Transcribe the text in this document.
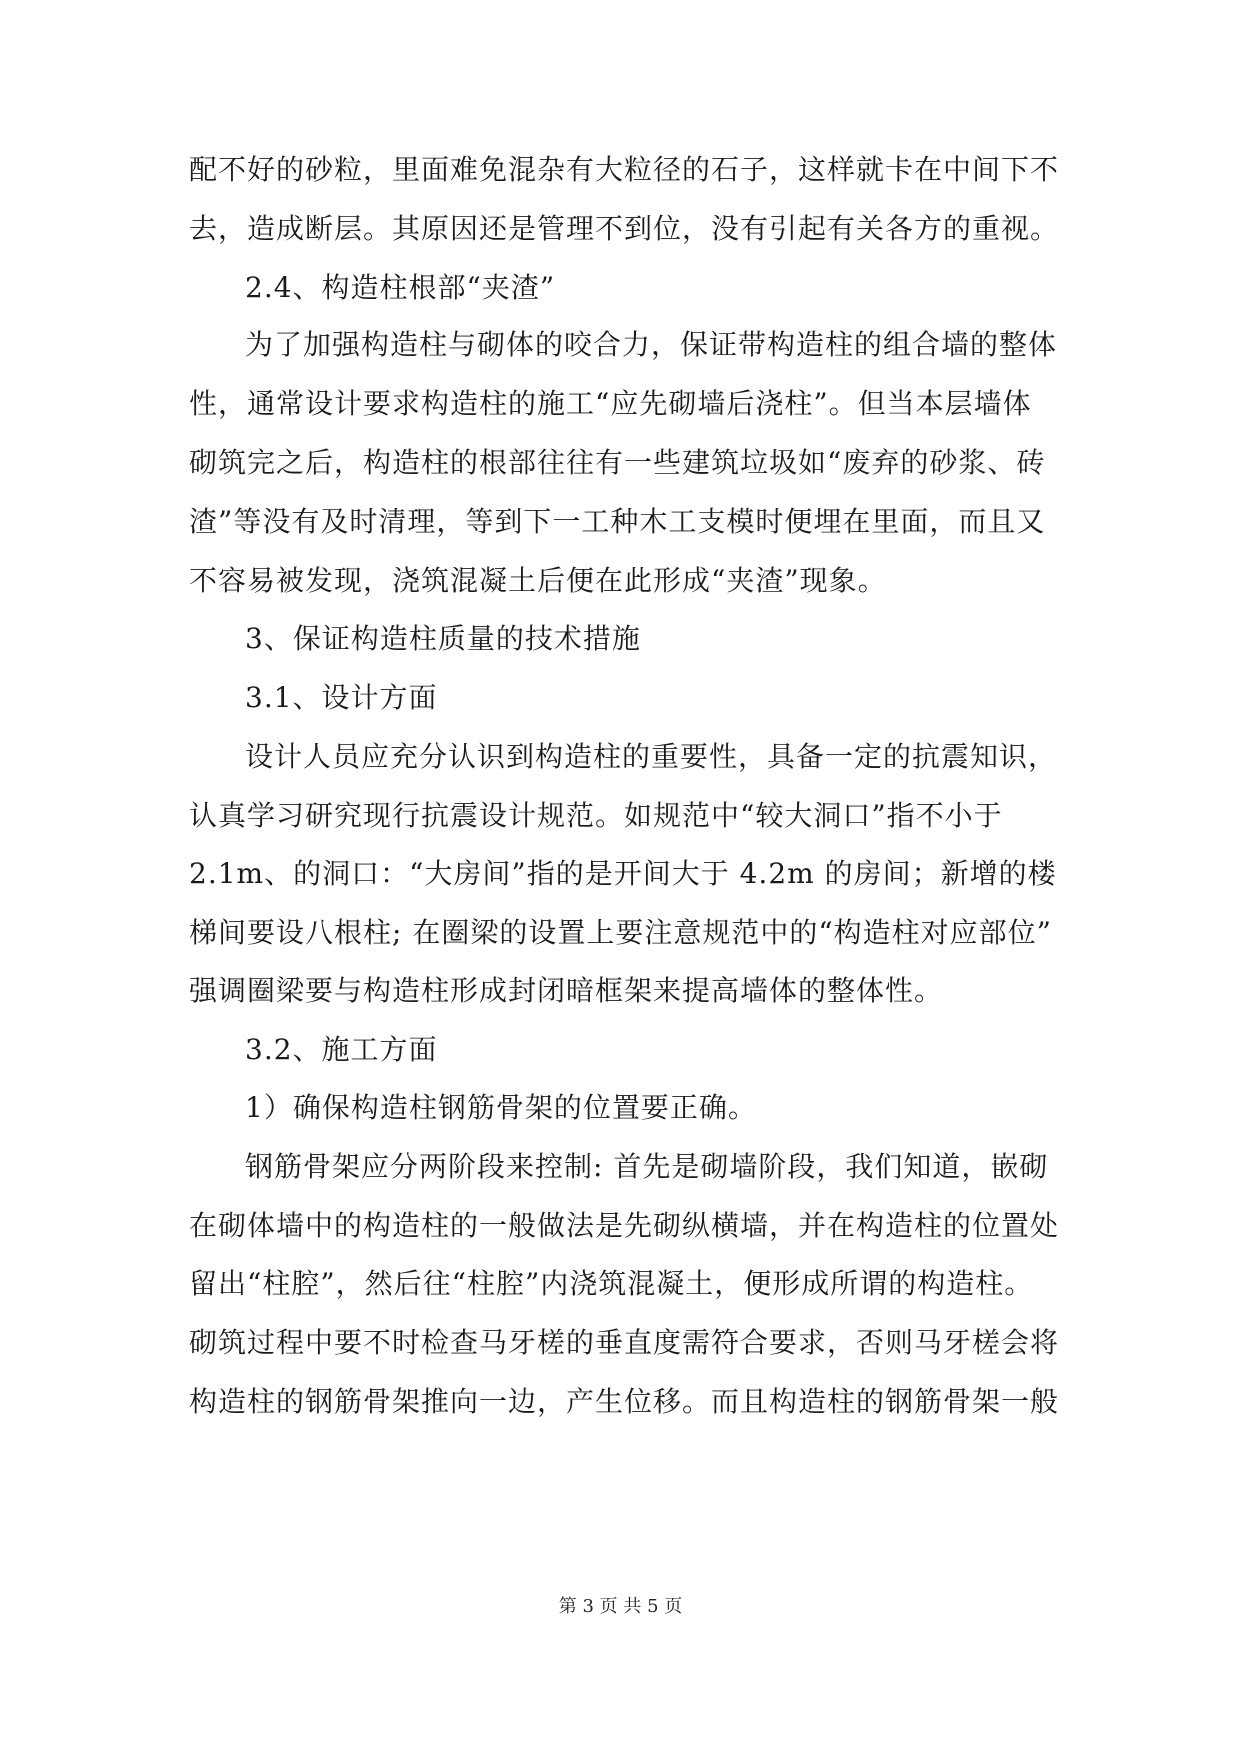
配不好的砂粒，里面难免混杂有大粒径的石子，这样就卡在中间下不
去，造成断层。其原因还是管理不到位，没有引起有关各方的重视。
2.4、构造柱根部“夹渣”
为了加强构造柱与砌体的咬合力，保证带构造柱的组合墙的整体
性，通常设计要求构造柱的施工“应先砌墙后浇柱”。但当本层墙体
砌筑完之后，构造柱的根部往往有一些建筑垃圾如“废弃的砂浆、砖
渣”等没有及时清理，等到下一工种木工支模时便埋在里面，而且又
不容易被发现，浇筑混凝土后便在此形成“夹渣”现象。
3、保证构造柱质量的技术措施
3.1、设计方面
设计人员应充分认识到构造柱的重要性，具备一定的抗震知识，
认真学习研究现行抗震设计规范。如规范中“较大洞口”指不小于
2.1m、的洞口：“大房间”指的是开间大于 4.2m 的房间；新增的楼
梯间要设八根柱; 在圈梁的设置上要注意规范中的“构造柱对应部位”
强调圈梁要与构造柱形成封闭暗框架来提高墙体的整体性。
3.2、施工方面
1）确保构造柱钢筋骨架的位置要正确。
钢筋骨架应分两阶段来控制: 首先是砌墙阶段，我们知道，嵌砌
在砌体墙中的构造柱的一般做法是先砌纵横墙，并在构造柱的位置处
留出“柱腔”，然后往“柱腔”内浇筑混凝土，便形成所谓的构造柱。
砌筑过程中要不时检查马牙槎的垂直度需符合要求，否则马牙槎会将
构造柱的钢筋骨架推向一边，产生位移。而且构造柱的钢筋骨架一般
第 3 页 共 5 页
